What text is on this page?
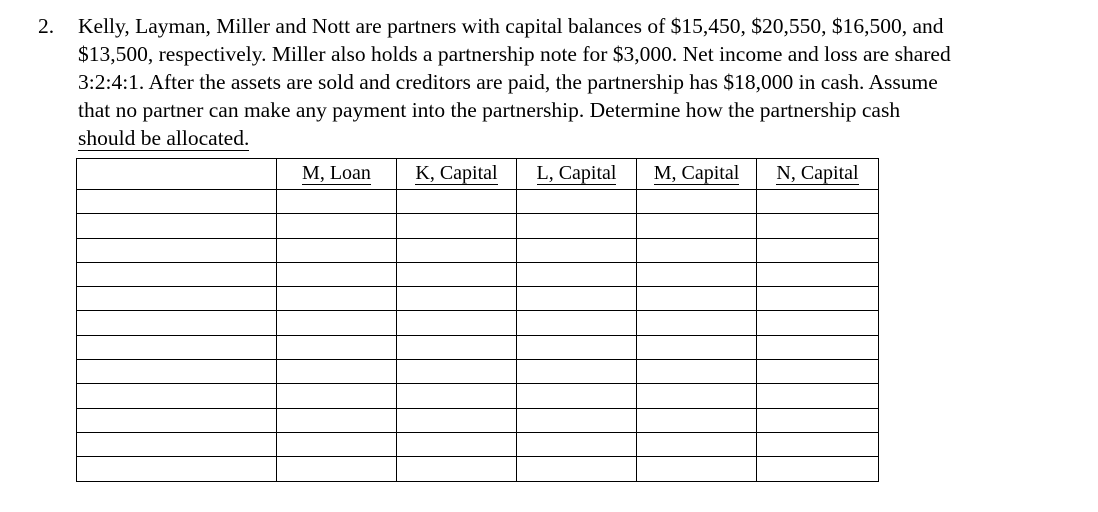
2. Kelly, Layman, Miller and Nott are partners with capital balances of $15,450, $20,550, $16,500, and
$13,500, respectively. Miller also holds a partnership note for $3,000. Net income and loss are shared
3:2:4:1. After the assets are sold and creditors are paid, the partnership has $18,000 in cash. Assume
that no partner can make any payment into the partnership. Determine how the partnership cash
should be allocated.
	M, Loan	K, Capital	L, Capital	M, Capital	N, Capital
